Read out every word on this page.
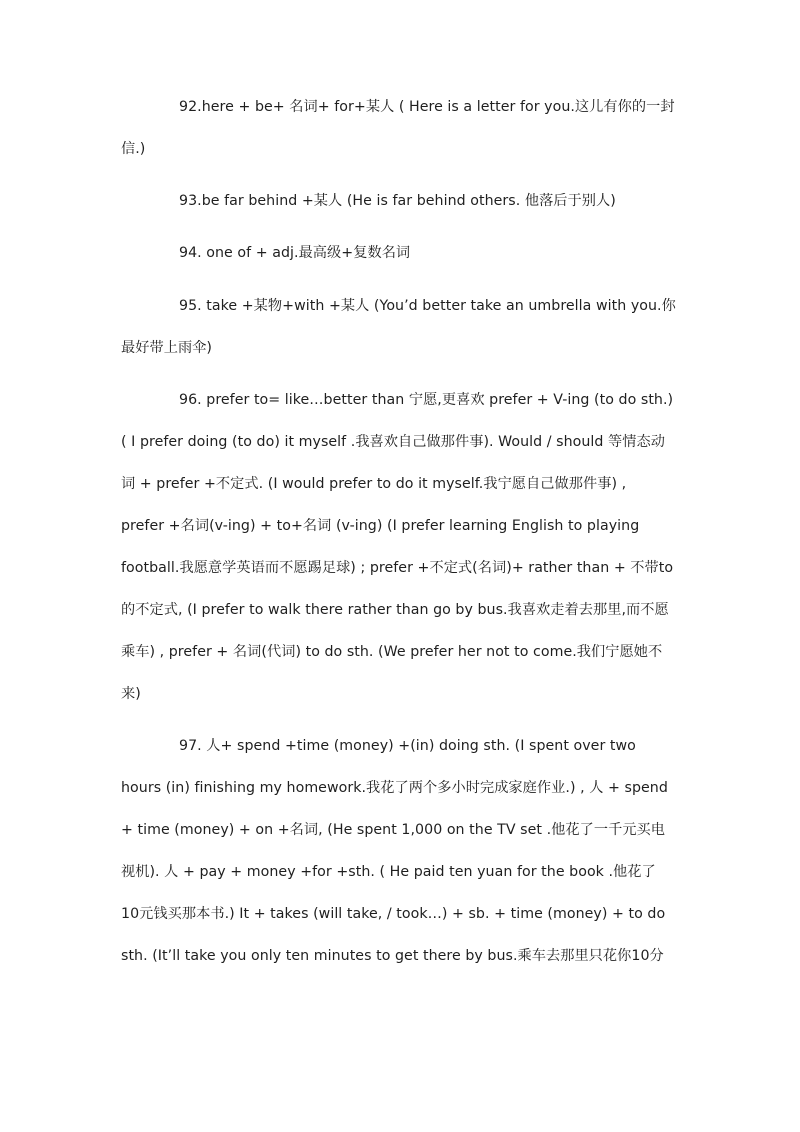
92.here + be+ 名词+ for+某人 ( Here is a letter for you.这儿有你的一封
信.)
93.be far behind +某人 (He is far behind others. 他落后于别人)
94. one of + adj.最高级+复数名词
95. take +某物+with +某人 (You’d better take an umbrella with you.你
最好带上雨伞)
96. prefer to= like…better than 宁愿,更喜欢 prefer + V-ing (to do sth.)
( I prefer doing (to do) it myself .我喜欢自己做那件事). Would / should 等情态动
词 + prefer +不定式. (I would prefer to do it myself.我宁愿自己做那件事) ,
prefer +名词(v-ing) + to+名词 (v-ing) (I prefer learning English to playing
football.我愿意学英语而不愿踢足球) ; prefer +不定式(名词)+ rather than + 不带to
的不定式, (I prefer to walk there rather than go by bus.我喜欢走着去那里,而不愿
乘车) , prefer + 名词(代词) to do sth. (We prefer her not to come.我们宁愿她不
来)
97. 人+ spend +time (money) +(in) doing sth. (I spent over two
hours (in) finishing my homework.我花了两个多小时完成家庭作业.) , 人 + spend
+ time (money) + on +名词, (He spent 1,000 on the TV set .他花了一千元买电
视机). 人 + pay + money +for +sth. ( He paid ten yuan for the book .他花了
10元钱买那本书.) It + takes (will take, / took…) + sb. + time (money) + to do
sth. (It’ll take you only ten minutes to get there by bus.乘车去那里只花你10分
